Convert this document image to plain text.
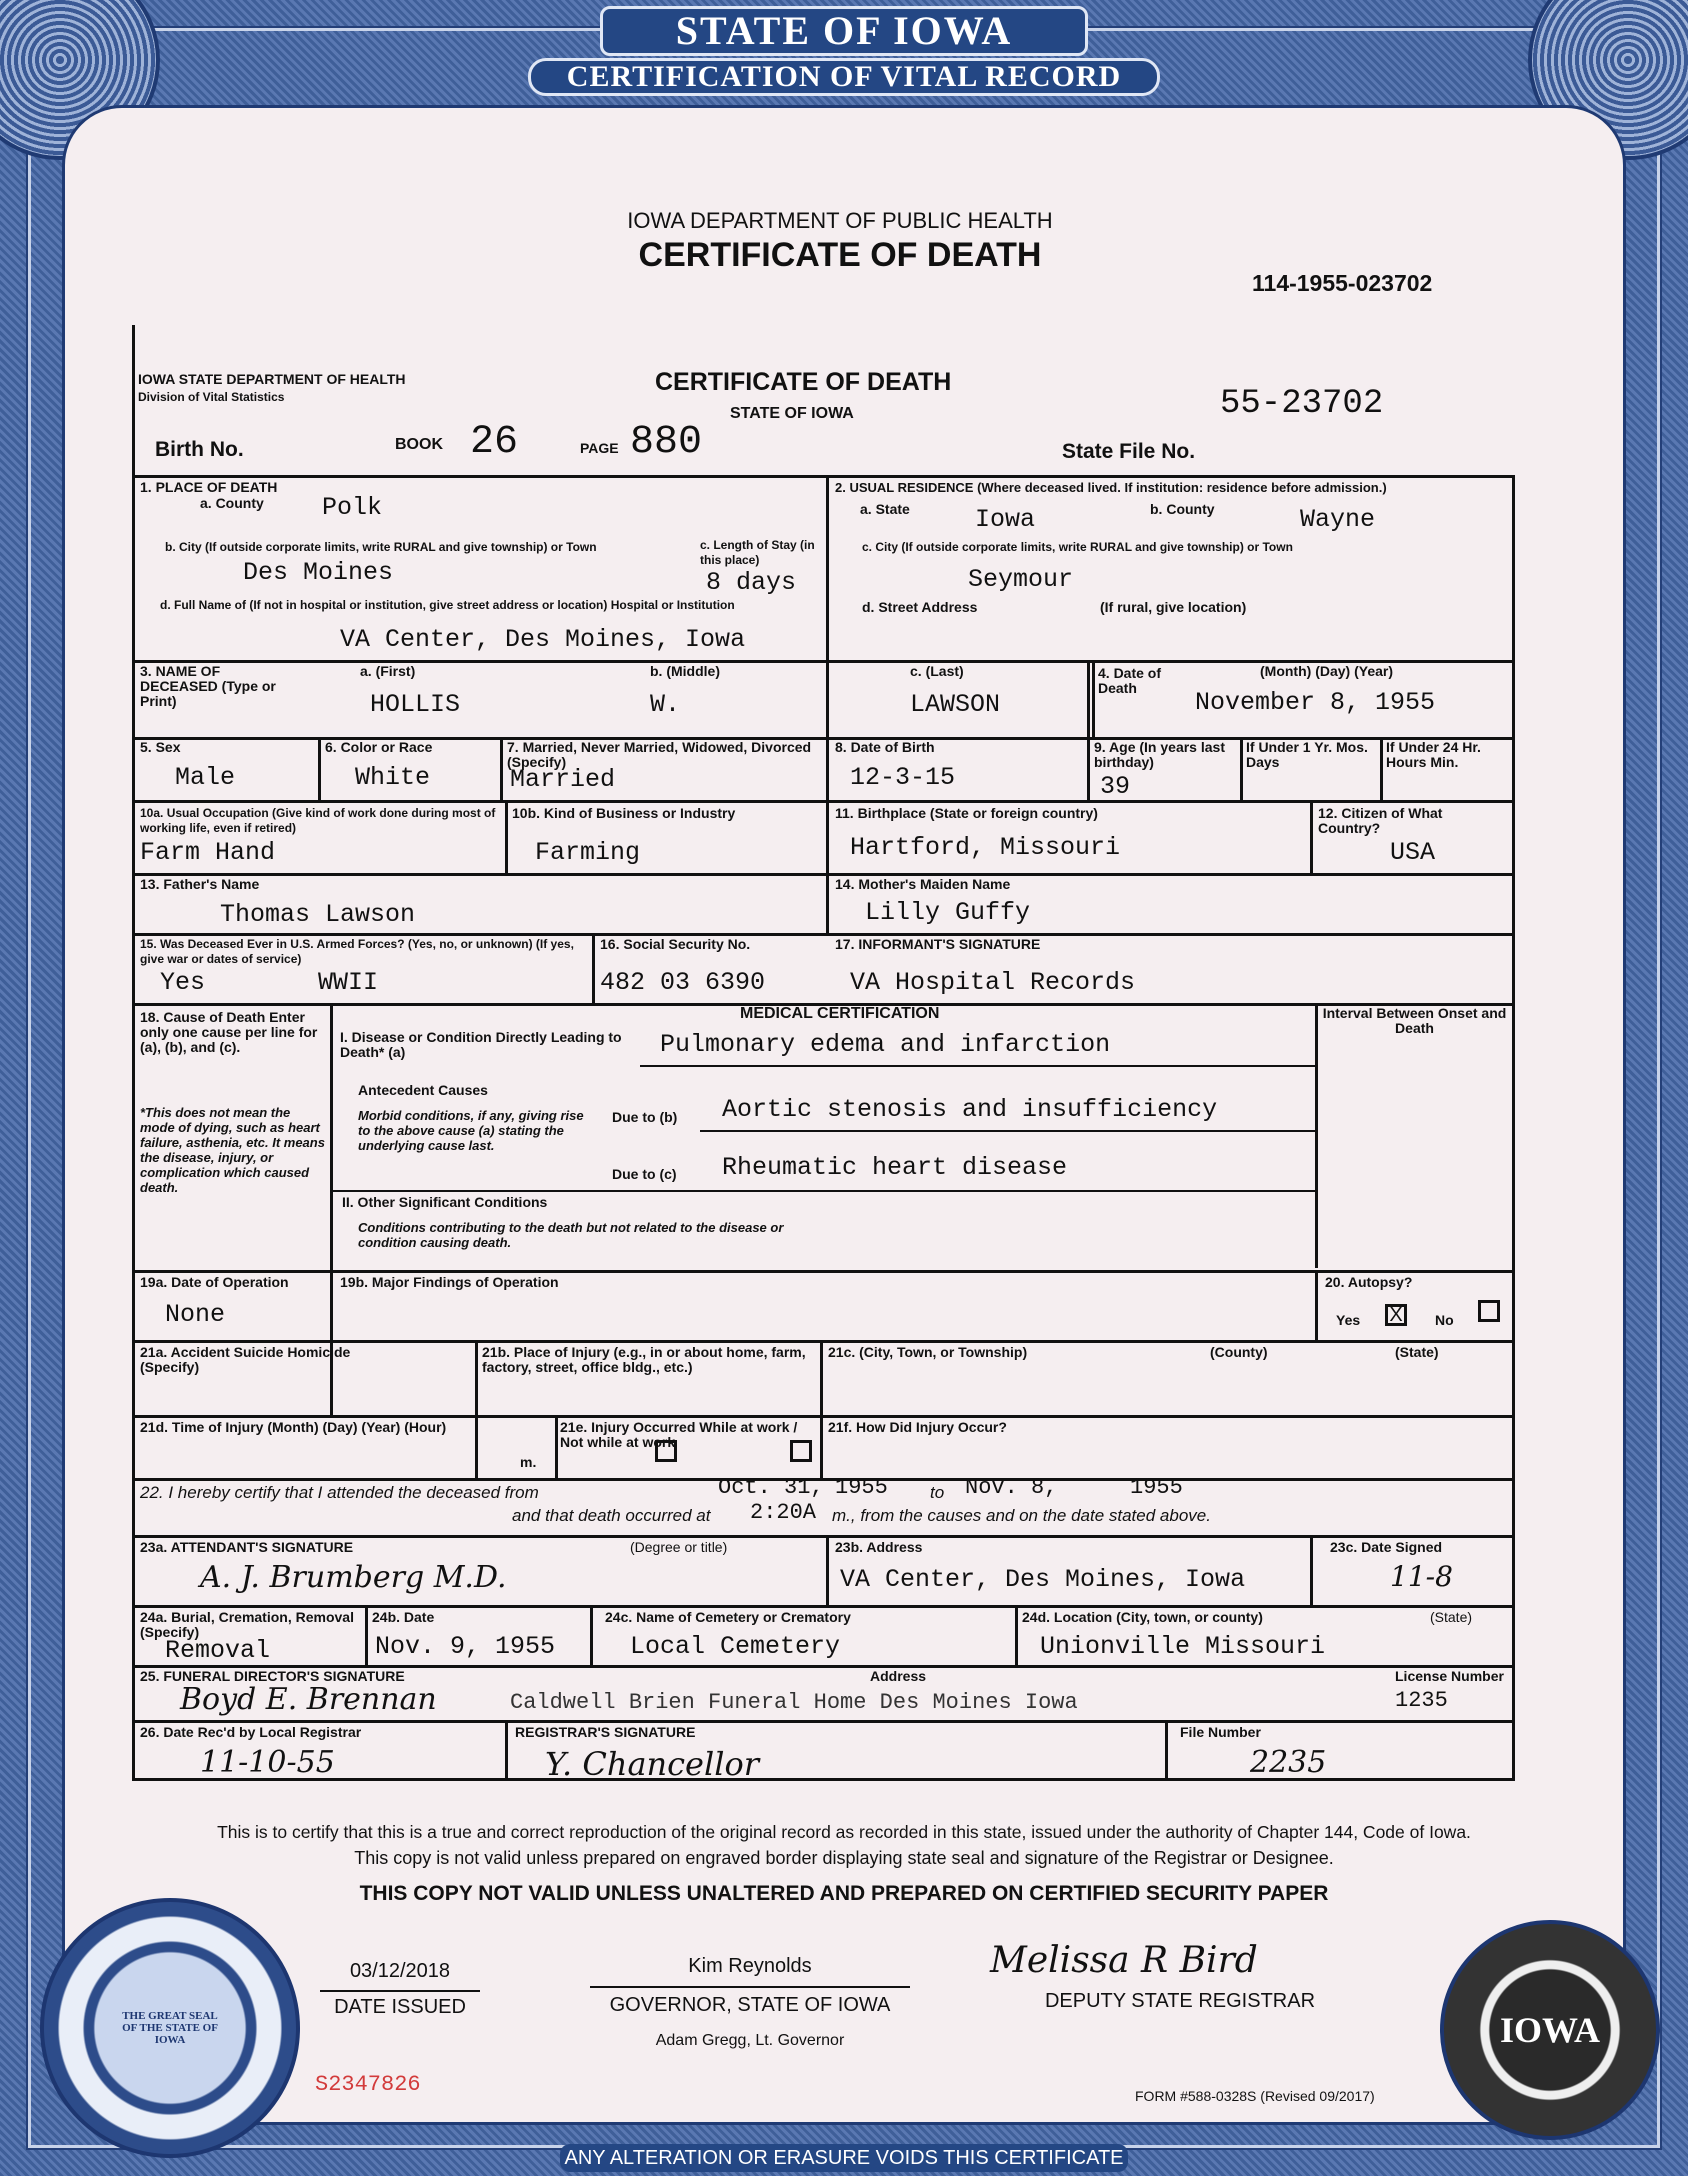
STATE OF IOWA
CERTIFICATION OF VITAL RECORD
IOWA DEPARTMENT OF PUBLIC HEALTH
CERTIFICATE OF DEATH
114-1955-023702
IOWA STATE DEPARTMENT OF HEALTH
Division of Vital Statistics
CERTIFICATE OF DEATH
STATE OF IOWA	55-23702
Birth No.	BOOK 26	PAGE 880	State File No.
1. PLACE OF DEATH
a. County Polk
b. City (If outside corporate limits, write RURAL and give township) or Town
Des Moines
c. Length of Stay (in this place)
8 days
d. Full Name of (If not in hospital or institution, give street address or location) Hospital or Institution
VA Center, Des Moines, Iowa
2. USUAL RESIDENCE (Where deceased lived. If institution: residence before admission.)
a. State	Iowa	b. County	Wayne
c. City (If outside corporate limits, write RURAL and give township) or Town
Seymour
d. Street Address	(If rural, give location)
3. NAME OF DECEASED (Type or Print)
a. (First)
HOLLIS
b. (Middle)
W.
c. (Last)
LAWSON
4. Date of Death
(Month) (Day) (Year)
November 8, 1955
5. Sex
Male
6. Color or Race
White
7. Married, Never Married, Widowed, Divorced (Specify)
Married
8. Date of Birth
12-3-15
9. Age (In years last birthday)
39
If Under 1 Yr. Mos. Days
If Under 24 Hr. Hours Min.
10a. Usual Occupation (Give kind of work done during most of working life, even if retired)
Farm Hand
10b. Kind of Business or Industry
Farming
11. Birthplace (State or foreign country)
Hartford, Missouri
12. Citizen of What Country?
USA
13. Father's Name
Thomas Lawson
14. Mother's Maiden Name
Lilly Guffy
15. Was Deceased Ever in U.S. Armed Forces? (Yes, no, or unknown) (If yes, give war or dates of service)
Yes	WWII
16. Social Security No.
482 03 6390
17. INFORMANT'S SIGNATURE
VA Hospital Records
MEDICAL CERTIFICATION
18. Cause of Death Enter only one cause per line for (a), (b), and (c).
*This does not mean the mode of dying, such as heart failure, asthenia, etc. It means the disease, injury, or complication which caused death.
Interval Between Onset and Death
I. Disease or Condition Directly Leading to Death* (a)	Pulmonary edema and infarction
Antecedent Causes
Morbid conditions, if any, giving rise to the above cause (a) stating the underlying cause last.
Due to (b) Aortic stenosis and insufficiency
Due to (c) Rheumatic heart disease
II. Other Significant Conditions
Conditions contributing to the death but not related to the disease or condition causing death.
19a. Date of Operation
None
19b. Major Findings of Operation	20. Autopsy?
Yes X	No
21a. Accident Suicide Homicide (Specify)
21b. Place of Injury (e.g., in or about home, farm, factory, street, office bldg., etc.)
21c. (City, Town, or Township)	(County)	(State)
21d. Time of Injury (Month) (Day) (Year) (Hour)
m.
21e. Injury Occurred While at work / Not while at work
21f. How Did Injury Occur?
22. I hereby certify that I attended the deceased from	Oct. 31, 1955 to Nov. 8,	1955
and that death occurred at 2:20A m., from the causes and on the date stated above.
23a. ATTENDANT'S SIGNATURE	(Degree or title)
A. J. Brumberg M.D.
23b. Address
VA Center, Des Moines, Iowa
23c. Date Signed
11-8
24a. Burial, Cremation, Removal (Specify)
Removal
24b. Date
Nov. 9, 1955
24c. Name of Cemetery or Crematory
Local Cemetery
24d. Location (City, town, or county)	(State)
Unionville Missouri
25. FUNERAL DIRECTOR'S SIGNATURE
Boyd E. Brennan
Address
Caldwell Brien Funeral Home Des Moines Iowa
License Number
1235
26. Date Rec'd by Local Registrar
11-10-55
REGISTRAR'S SIGNATURE
Y. Chancellor
File Number
2235
This is to certify that this is a true and correct reproduction of the original record as recorded in this state, issued under the authority of Chapter 144, Code of Iowa.
This copy is not valid unless prepared on engraved border displaying state seal and signature of the Registrar or Designee.
THIS COPY NOT VALID UNLESS UNALTERED AND PREPARED ON CERTIFIED SECURITY PAPER
03/12/2018
DATE ISSUED
Kim Reynolds
GOVERNOR, STATE OF IOWA
Adam Gregg, Lt. Governor
Melissa R Bird
DEPUTY STATE REGISTRAR
S2347826	FORM #588-0328S (Revised 09/2017)
THE GREAT SEAL OF THE STATE OF IOWA	IOWA
ANY ALTERATION OR ERASURE VOIDS THIS CERTIFICATE
